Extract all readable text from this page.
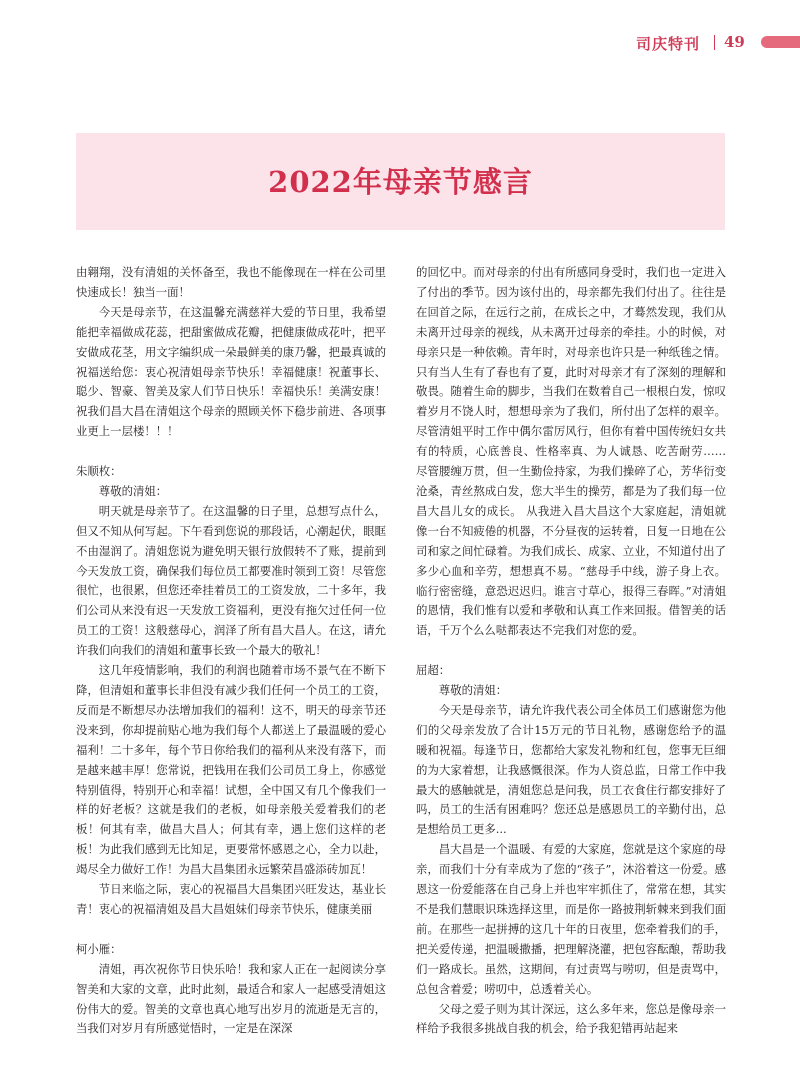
司庆特刊 49
2022年母亲节感言

由翱翔，没有清姐的关怀备至，我也不能像现在一样在公司里快速成长！独当一面！

今天是母亲节，在这温馨充满慈祥大爱的节日里，我希望能把幸福做成花蕊，把甜蜜做成花瓣，把健康做成花叶，把平安做成花茎，用文字编织成一朵最鲜美的康乃馨，把最真诚的祝福送给您：衷心祝清姐母亲节快乐！幸福健康！祝董事长、聪少、智豪、智美及家人们节日快乐！幸福快乐！美满安康！祝我们昌大昌在清姐这个母亲的照顾关怀下稳步前进、各项事业更上一层楼！！！

朱顺枚：

尊敬的清姐：

明天就是母亲节了。在这温馨的日子里，总想写点什么，但又不知从何写起。下午看到您说的那段话，心潮起伏，眼眶不由湿润了。清姐您说为避免明天银行放假转不了账，提前到今天发放工资，确保我们每位员工都要准时领到工资！尽管您很忙，也很累，但您还牵挂着员工的工资发放，二十多年，我们公司从来没有迟一天发放工资福利，更没有拖欠过任何一位员工的工资！这般慈母心，润泽了所有昌大昌人。在这，请允许我们向我们的清姐和董事长致一个最大的敬礼！

这几年疫情影响，我们的利润也随着市场不景气在不断下降，但清姐和董事长非但没有减少我们任何一个员工的工资，反而是不断想尽办法增加我们的福利！这不，明天的母亲节还没来到，你却提前贴心地为我们每个人都送上了最温暖的爱心福利！二十多年，每个节日你给我们的福利从来没有落下，而是越来越丰厚！您常说，把钱用在我们公司员工身上，你感觉特别值得，特别开心和幸福！试想，全中国又有几个像我们一样的好老板？这就是我们的老板，如母亲般关爱着我们的老板！何其有幸，做昌大昌人；何其有幸，遇上您们这样的老板！为此我们感到无比知足，更要常怀感恩之心，全力以赴，竭尽全力做好工作！为昌大昌集团永远繁荣昌盛添砖加瓦！

节日来临之际，衷心的祝福昌大昌集团兴旺发达，基业长青！衷心的祝福清姐及昌大昌姐妹们母亲节快乐，健康美丽

柯小雁：

清姐，再次祝你节日快乐哈！我和家人正在一起阅读分享智美和大家的文章，此时此刻，最适合和家人一起感受清姐这份伟大的爱。智美的文章也真心地写出岁月的流逝是无言的，当我们对岁月有所感觉悟时，一定是在深深

的回忆中。而对母亲的付出有所感同身受时，我们也一定进入了付出的季节。因为该付出的，母亲都先我们付出了。往往是在回首之际，在远行之前，在成长之中，才蓦然发现，我们从未离开过母亲的视线，从未离开过母亲的牵挂。小的时候，对母亲只是一种依赖。青年时，对母亲也许只是一种纸毪之情。只有当人生有了春也有了夏，此时对母亲才有了深刻的理解和敬畏。随着生命的脚步，当我们在数着自己一根根白发，惊叹着岁月不饶人时，想想母亲为了我们，所付出了怎样的艰辛。尽管清姐平时工作中偶尔雷厉风行，但你有着中国传统妇女共有的特质，心底善良、性格率真、为人诚恳、吃苦耐劳…… 尽管腰缠万贯，但一生勤俭持家，为我们操碎了心，芳华衍变沧桑，青丝熬成白发，您大半生的操劳，都是为了我们每一位昌大昌儿女的成长。 从我进入昌大昌这个大家庭起，清姐就像一台不知疲倦的机器，不分昼夜的运转着，日复一日地在公司和家之间忙碌着。为我们成长、成家、立业，不知道付出了多少心血和辛劳，想想真不易。“慈母手中线，游子身上衣。临行密密缝，意恐迟迟归。谁言寸草心，报得三春晖。”对清姐的恩情，我们惟有以爱和孝敬和认真工作来回报。借智美的话语，千万个么么哒都表达不完我们对您的爱。

屈超：

尊敬的清姐：

今天是母亲节，请允许我代表公司全体员工们感谢您为他们的父母亲发放了合计15万元的节日礼物，感谢您给予的温暖和祝福。每逢节日，您都给大家发礼物和红包，您事无巨细的为大家着想，让我感慨很深。作为人资总监，日常工作中我最大的感触就是，清姐您总是问我，员工衣食住行都安排好了吗，员工的生活有困难吗？您还总是感恩员工的辛勤付出，总是想给员工更多...

昌大昌是一个温暖、有爱的大家庭，您就是这个家庭的母亲，而我们十分有幸成为了您的“孩子”，沐浴着这一份爱。感恩这一份爱能落在自己身上并也牢牢抓住了，常常在想，其实不是我们慧眼识珠选择这里，而是你一路披荆斩棘来到我们面前。在那些一起拼搏的这几十年的日夜里，您牵着我们的手，把关爱传递，把温暖撒播，把理解浇灌，把包容酝酿，帮助我们一路成长。虽然，这期间，有过责骂与唠叨，但是责骂中，总包含着爱；唠叨中，总透着关心。

父母之爱子则为其计深远，这么多年来，您总是像母亲一样给予我很多挑战自我的机会，给予我犯错再站起来
